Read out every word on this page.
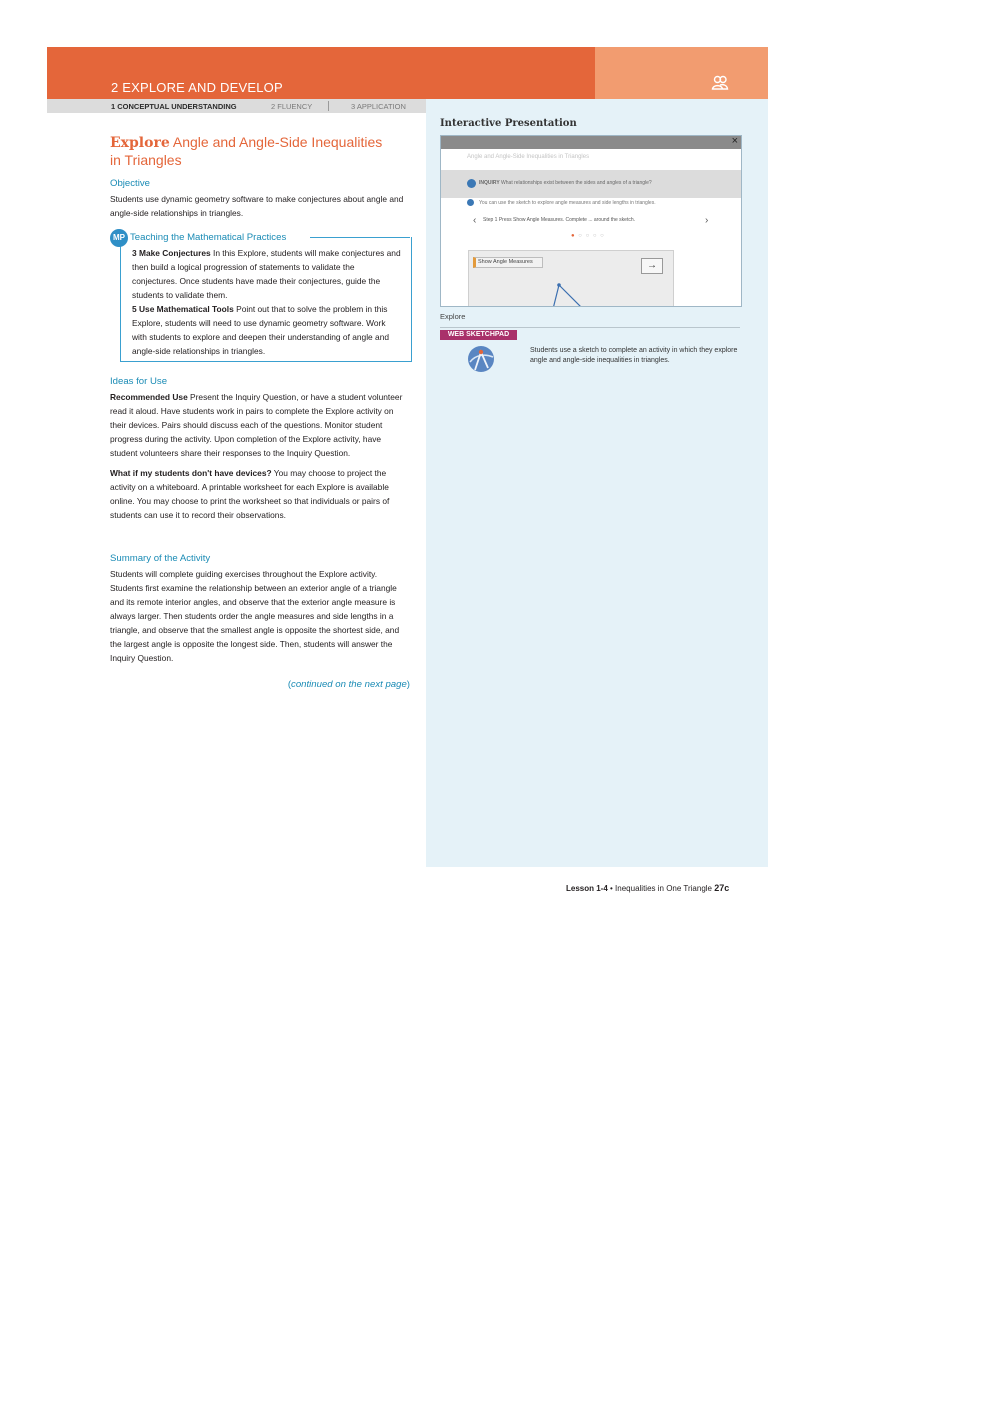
2 EXPLORE AND DEVELOP
1 CONCEPTUAL UNDERSTANDING	2 FLUENCY	3 APPLICATION
Explore Angle and Angle-Side Inequalities
in Triangles
Objective
Students use dynamic geometry software to make conjectures about angle and angle-side relationships in triangles.
MP Teaching the Mathematical Practices
3 Make Conjectures In this Explore, students will make conjectures and then build a logical progression of statements to validate the conjectures. Once students have made their conjectures, guide the students to validate them.
5 Use Mathematical Tools Point out that to solve the problem in this Explore, students will need to use dynamic geometry software. Work with students to explore and deepen their understanding of angle and angle-side relationships in triangles.
Ideas for Use

Recommended Use Present the Inquiry Question, or have a student volunteer read it aloud. Have students work in pairs to complete the Explore activity on their devices. Pairs should discuss each of the questions. Monitor student progress during the activity. Upon completion of the Explore activity, have student volunteers share their responses to the Inquiry Question.

What if my students don't have devices? You may choose to project the activity on a whiteboard. A printable worksheet for each Explore is available online. You may choose to print the worksheet so that individuals or pairs of students can use it to record their observations.

Summary of the Activity
Students will complete guiding exercises throughout the Explore activity. Students first examine the relationship between an exterior angle of a triangle and its remote interior angles, and observe that the exterior angle measure is always larger. Then students order the angle measures and side lengths in a triangle, and observe that the smallest angle is opposite the shortest side, and the largest angle is opposite the longest side. Then, students will answer the Inquiry Question.
(continued on the next page)
Interactive Presentation
×
Angle and Angle-Side Inequalities in Triangles
INQUIRY What relationships exist between the sides and angles of a triangle?
You can use the sketch to explore angle measures and side lengths in triangles.
‹ Step 1 Press Show Angle Measures. Complete ... around the sketch.	›
● ○ ○ ○ ○
Show Angle Measures	→
Explore
WEB SKETCHPAD
Students use a sketch to complete an activity in which they explore angle and angle-side inequalities in triangles.
Lesson 1-4 • Inequalities in One Triangle 27c
